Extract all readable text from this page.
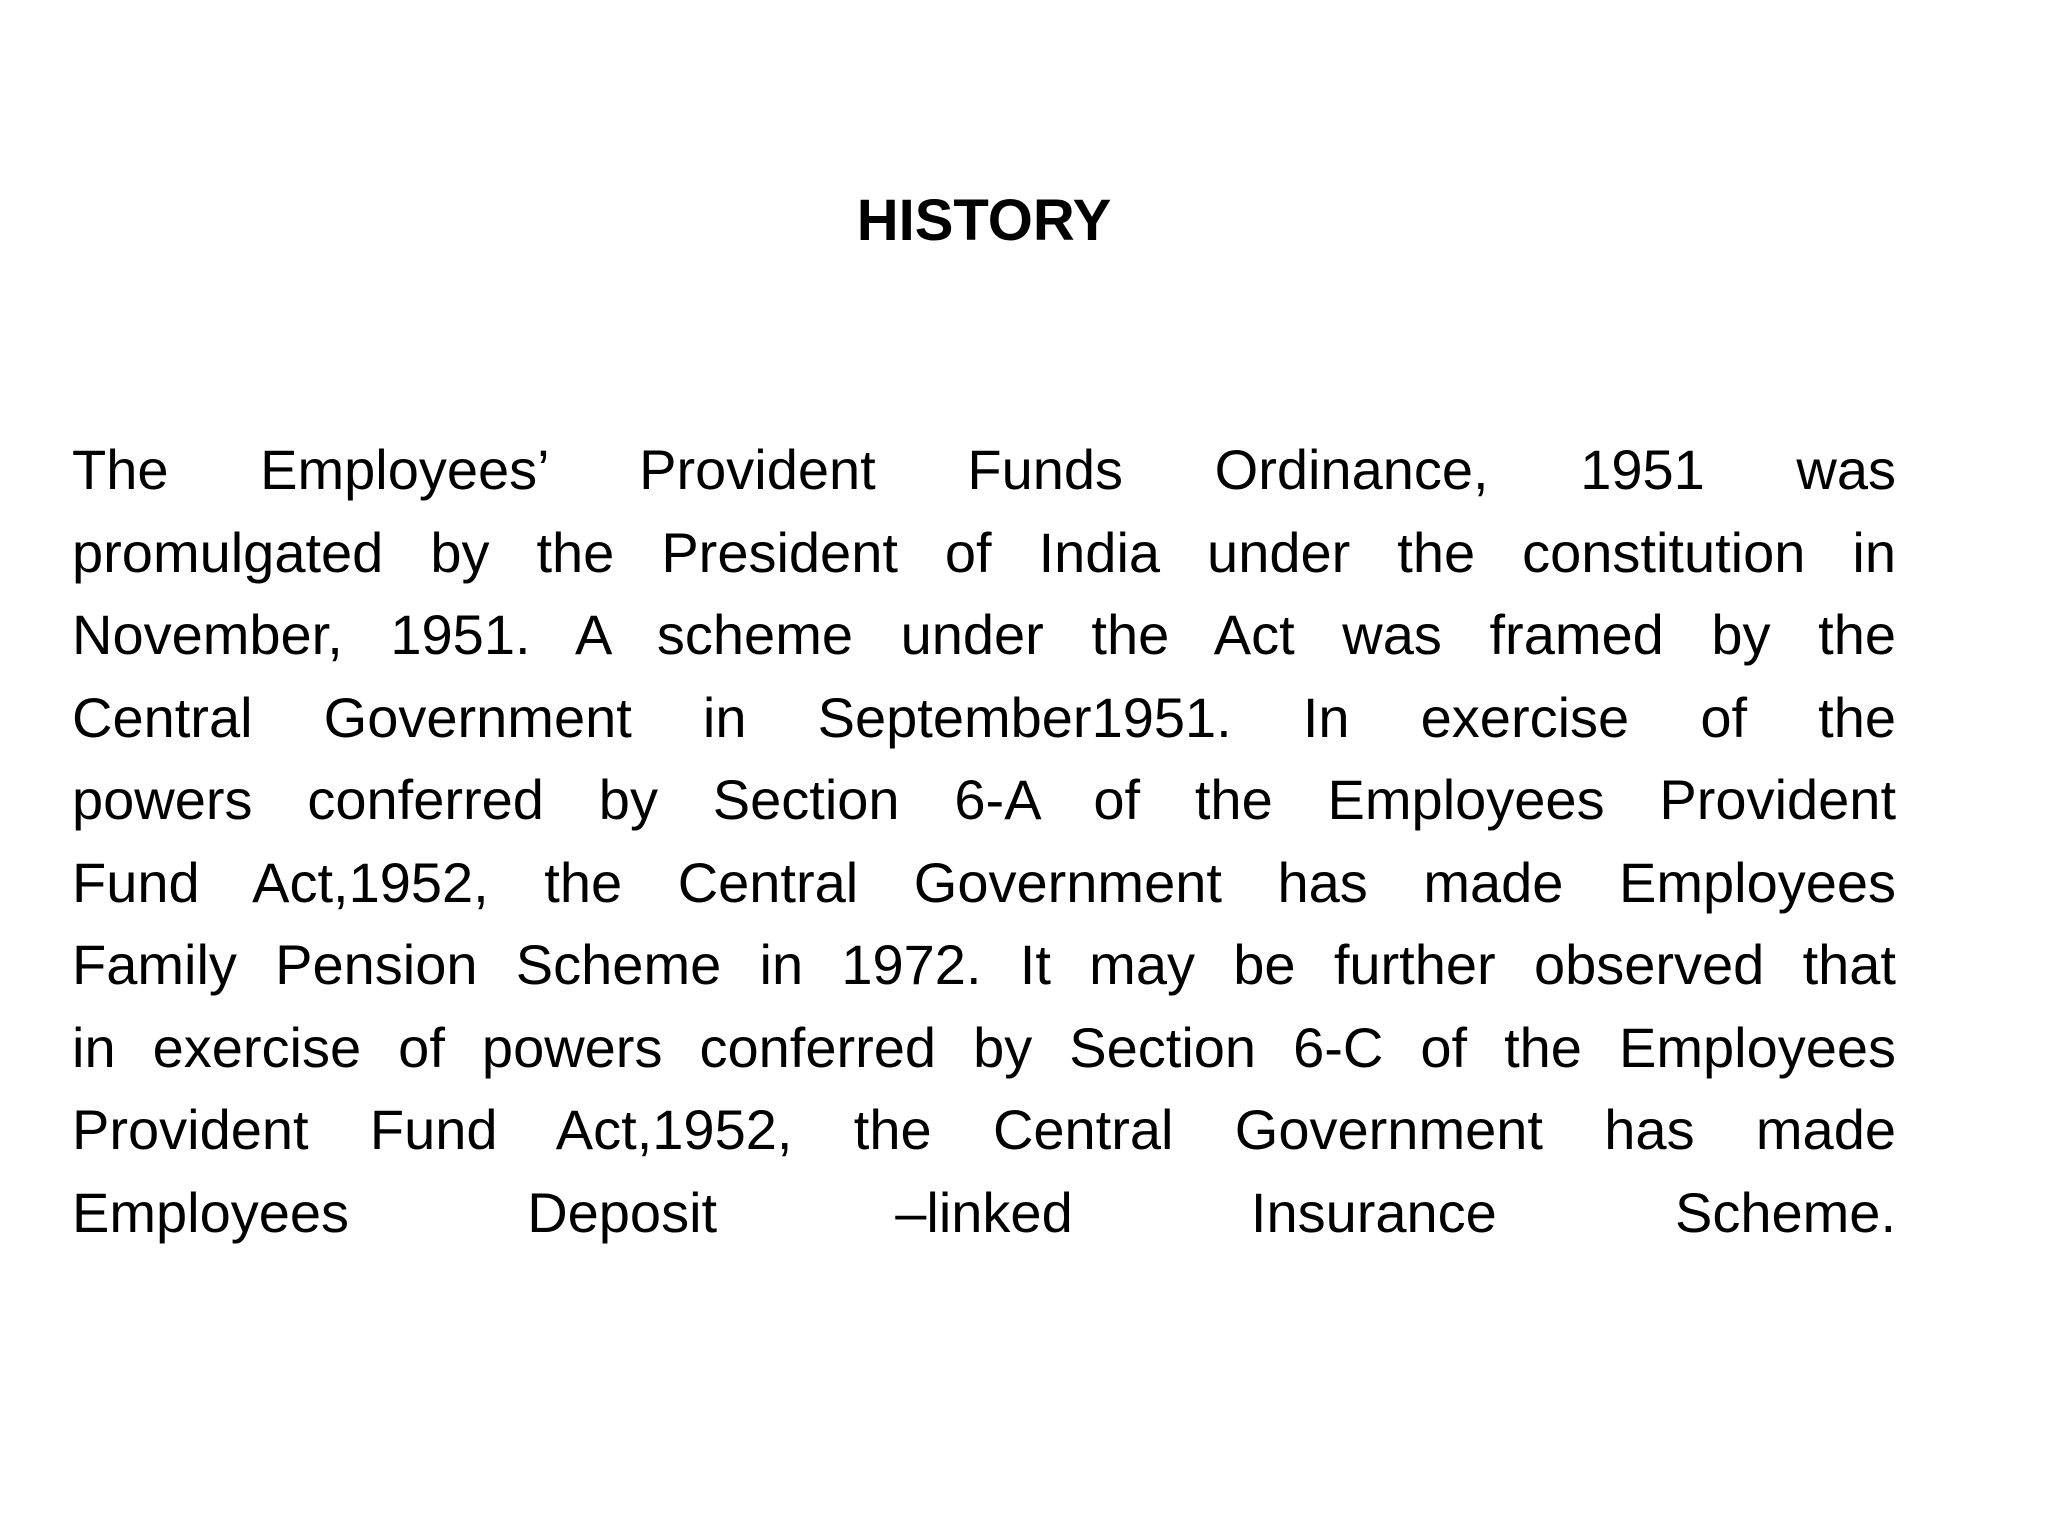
HISTORY
The Employees’ Provident Funds Ordinance, 1951 was
promulgated by the President of India under the constitution in
November, 1951. A scheme under the Act was framed by the
Central Government in September1951. In exercise of the
powers conferred by Section 6-A of the Employees Provident
Fund Act,1952, the Central Government has made Employees
Family Pension Scheme in 1972. It may be further observed that
in exercise of powers conferred by Section 6-C of the Employees
Provident Fund Act,1952, the Central Government has made
Employees Deposit –linked Insurance Scheme.
